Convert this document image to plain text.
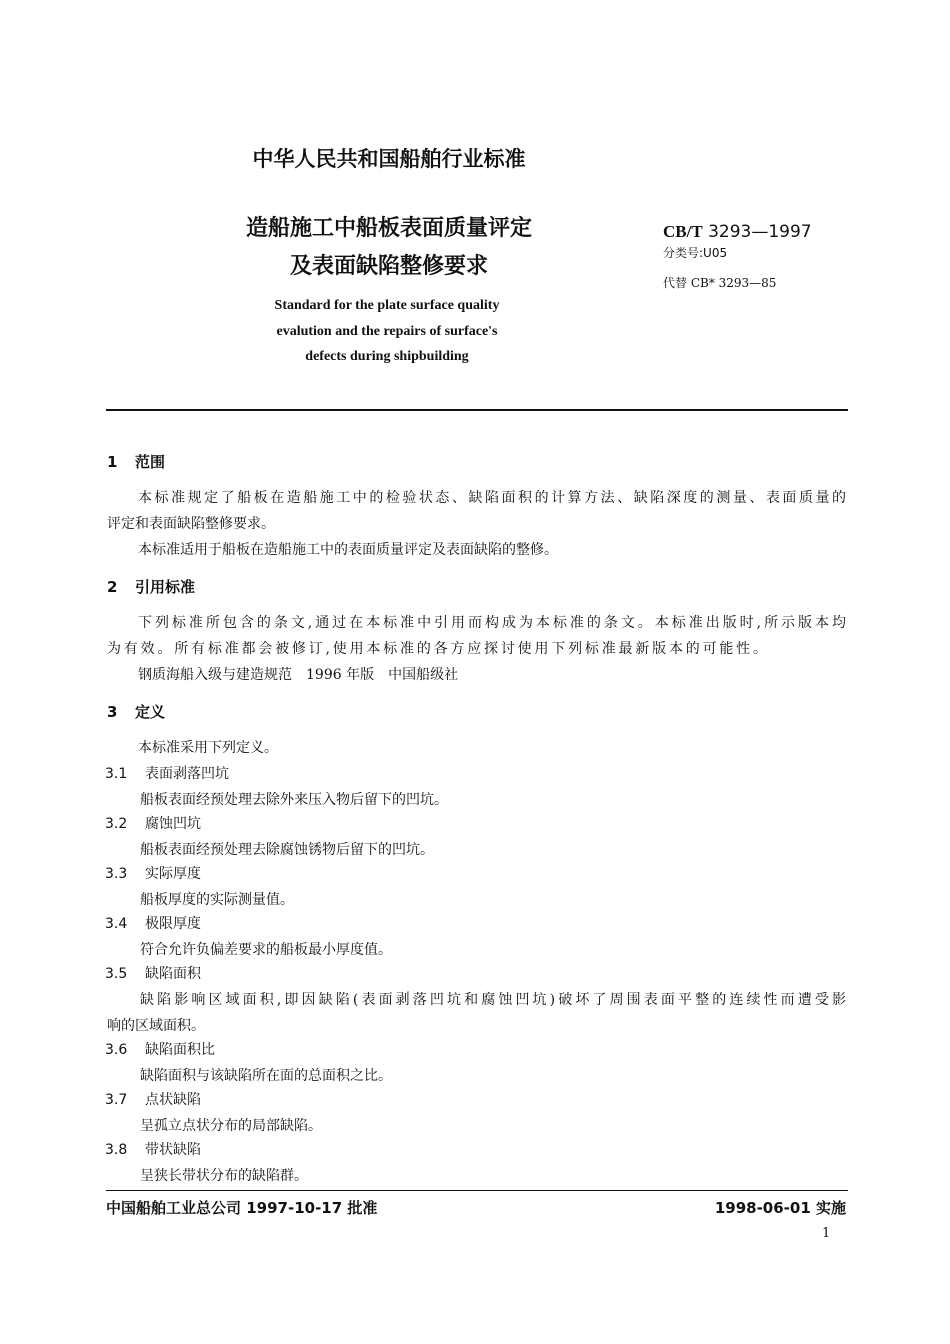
中华人民共和国船舶行业标准
造船施工中船板表面质量评定
及表面缺陷整修要求
Standard for the plate surface quality
evalution and the repairs of surface's
defects during shipbuilding
CB/T 3293—1997
分类号:U05
代替 CB* 3293—85
1 范围
本标准规定了船板在造船施工中的检验状态、缺陷面积的计算方法、缺陷深度的测量、表面质量的
评定和表面缺陷整修要求。
本标准适用于船板在造船施工中的表面质量评定及表面缺陷的整修。
2 引用标准
下列标准所包含的条文,通过在本标准中引用而构成为本标准的条文。本标准出版时,所示版本均
为有效。所有标准都会被修订,使用本标准的各方应探讨使用下列标准最新版本的可能性。
钢质海船入级与建造规范　1996 年版　中国船级社
3 定义
本标准采用下列定义。
3.1 表面剥落凹坑
船板表面经预处理去除外来压入物后留下的凹坑。
3.2 腐蚀凹坑
船板表面经预处理去除腐蚀锈物后留下的凹坑。
3.3 实际厚度
船板厚度的实际测量值。
3.4 极限厚度
符合允许负偏差要求的船板最小厚度值。
3.5 缺陷面积
缺陷影响区域面积,即因缺陷(表面剥落凹坑和腐蚀凹坑)破坏了周围表面平整的连续性而遭受影
响的区域面积。
3.6 缺陷面积比
缺陷面积与该缺陷所在面的总面积之比。
3.7 点状缺陷
呈孤立点状分布的局部缺陷。
3.8 带状缺陷
呈狭长带状分布的缺陷群。
中国船舶工业总公司 1997-10-17 批准	1998-06-01 实施
1
